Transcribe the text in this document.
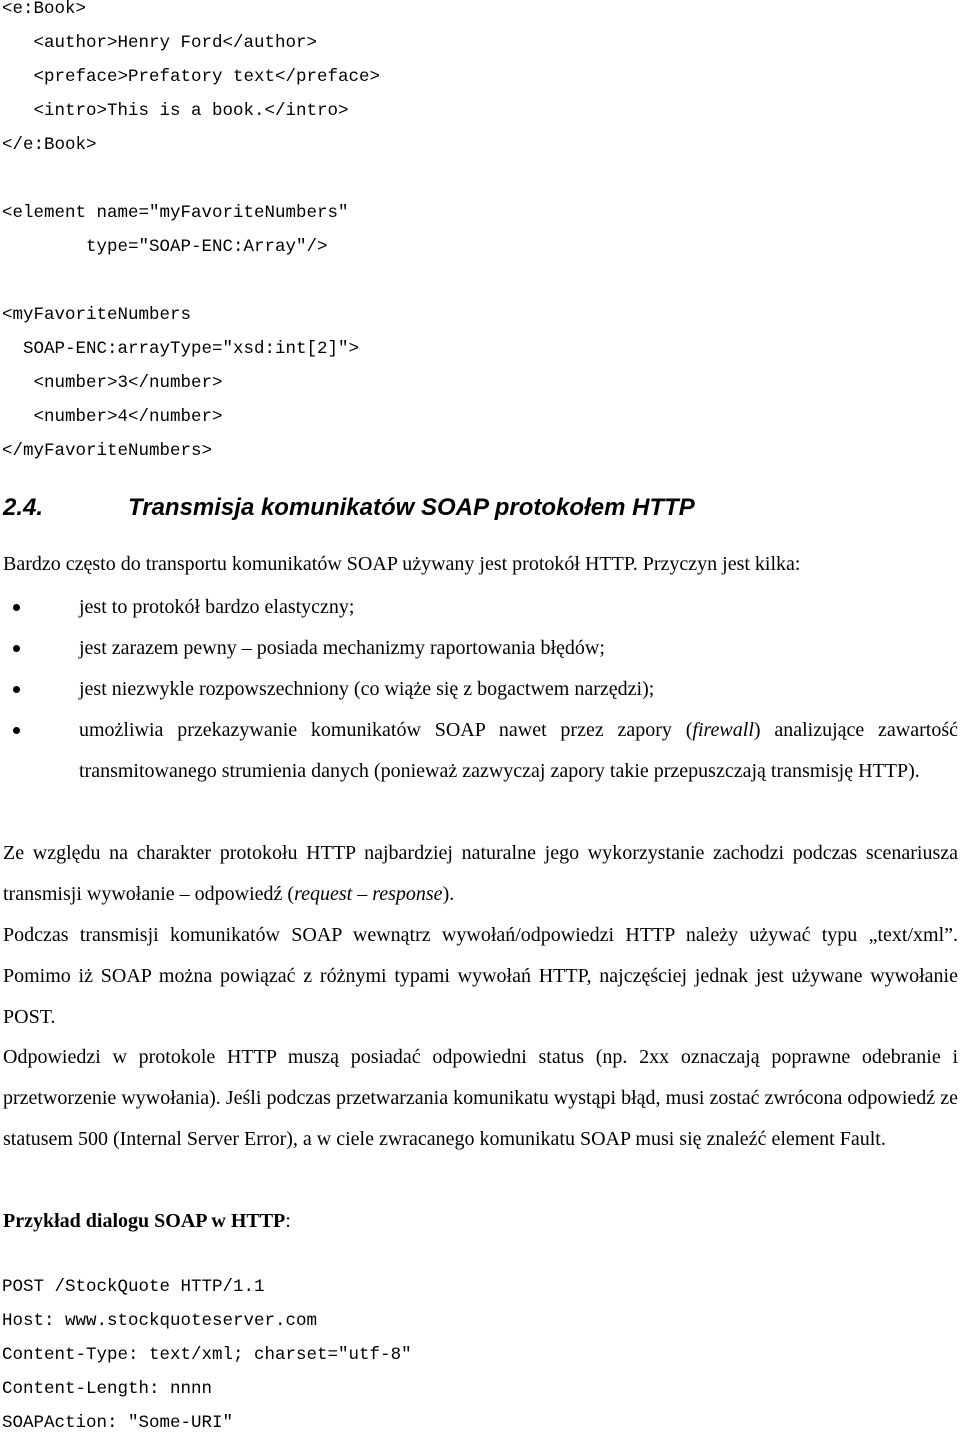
<e:Book>
<author>Henry Ford</author>
<preface>Prefatory text</preface>
<intro>This is a book.</intro>
</e:Book>

<element name="myFavoriteNumbers"
type="SOAP-ENC:Array"/>

<myFavoriteNumbers
SOAP-ENC:arrayType="xsd:int[2]">
<number>3</number>
<number>4</number>
</myFavoriteNumbers>
2.4.	Transmisja komunikatów SOAP protokołem HTTP

Bardzo często do transportu komunikatów SOAP używany jest protokół HTTP. Przyczyn jest kilka:

jest to protokół bardzo elastyczny;
jest zarazem pewny – posiada mechanizmy raportowania błędów;
jest niezwykle rozpowszechniony (co wiąże się z bogactwem narzędzi);
umożliwia przekazywanie komunikatów SOAP nawet przez zapory (firewall) analizujące zawartość transmitowanego strumienia danych (ponieważ zazwyczaj zapory takie przepuszczają transmisję HTTP).

Ze względu na charakter protokołu HTTP najbardziej naturalne jego wykorzystanie zachodzi podczas scenariusza transmisji wywołanie – odpowiedź (request – response).

Podczas transmisji komunikatów SOAP wewnątrz wywołań/odpowiedzi HTTP należy używać typu „text/xml”. Pomimo iż SOAP można powiązać z różnymi typami wywołań HTTP, najczęściej jednak jest używane wywołanie POST.

Odpowiedzi w protokole HTTP muszą posiadać odpowiedni status (np. 2xx oznaczają poprawne odebranie i przetworzenie wywołania). Jeśli podczas przetwarzania komunikatu wystąpi błąd, musi zostać zwrócona odpowiedź ze statusem 500 (Internal Server Error), a w ciele zwracanego komunikatu SOAP musi się znaleźć element Fault.

Przykład dialogu SOAP w HTTP:

POST /StockQuote HTTP/1.1
Host: www.stockquoteserver.com
Content-Type: text/xml; charset="utf-8"
Content-Length: nnnn
SOAPAction: "Some-URI"
